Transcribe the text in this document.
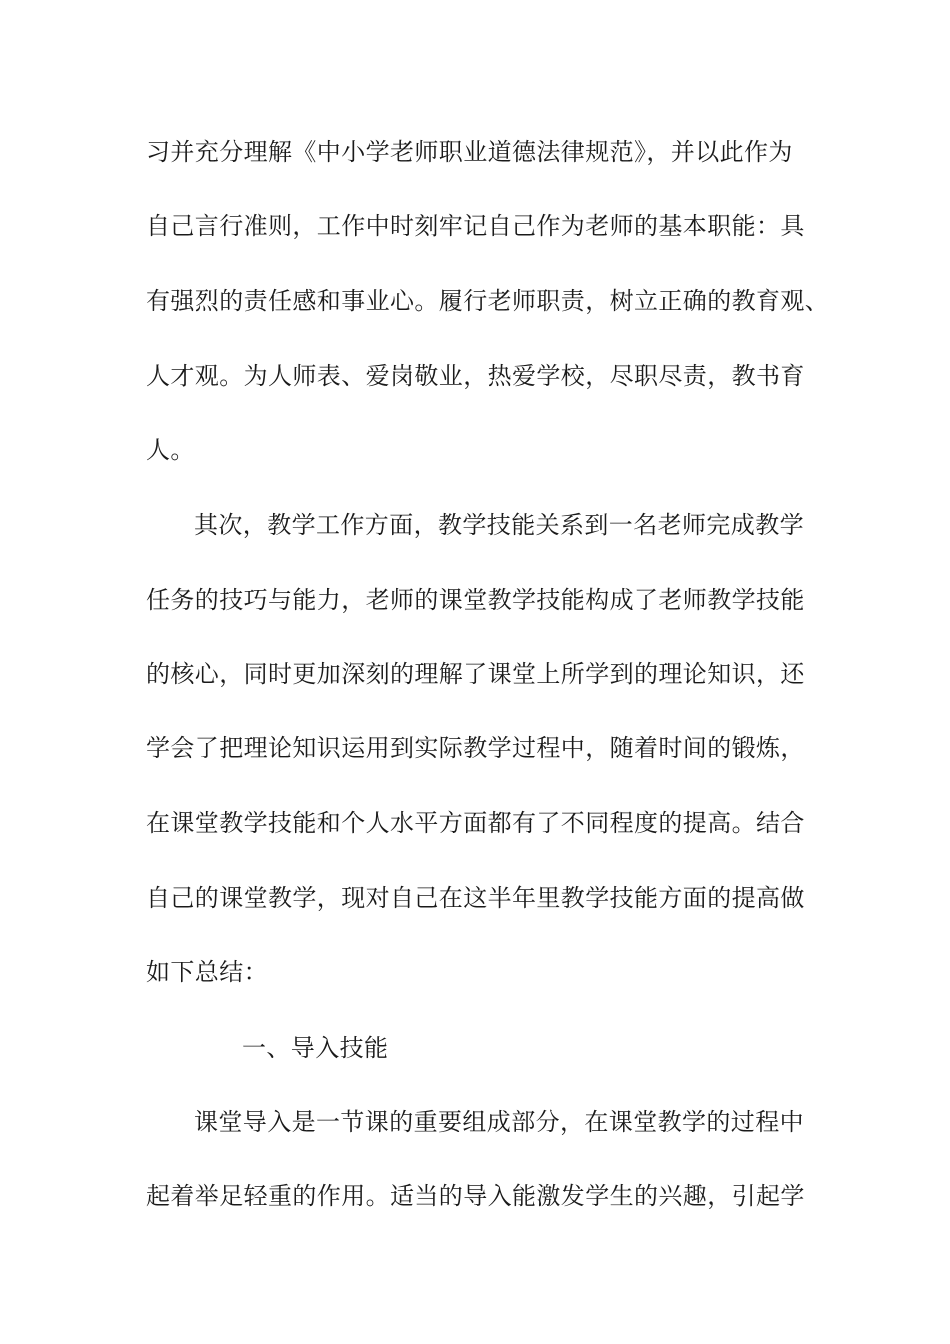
习并充分理解《中小学老师职业道德法律规范》，并以此作为
自己言行准则，工作中时刻牢记自己作为老师的基本职能：具
有强烈的责任感和事业心。履行老师职责，树立正确的教育观、
人才观。为人师表、爱岗敬业，热爱学校，尽职尽责，教书育
人。
其次，教学工作方面，教学技能关系到一名老师完成教学
任务的技巧与能力，老师的课堂教学技能构成了老师教学技能
的核心，同时更加深刻的理解了课堂上所学到的理论知识，还
学会了把理论知识运用到实际教学过程中，随着时间的锻炼，
在课堂教学技能和个人水平方面都有了不同程度的提高。结合
自己的课堂教学，现对自己在这半年里教学技能方面的提高做
如下总结：
一、导入技能
课堂导入是一节课的重要组成部分，在课堂教学的过程中
起着举足轻重的作用。适当的导入能激发学生的兴趣，引起学
